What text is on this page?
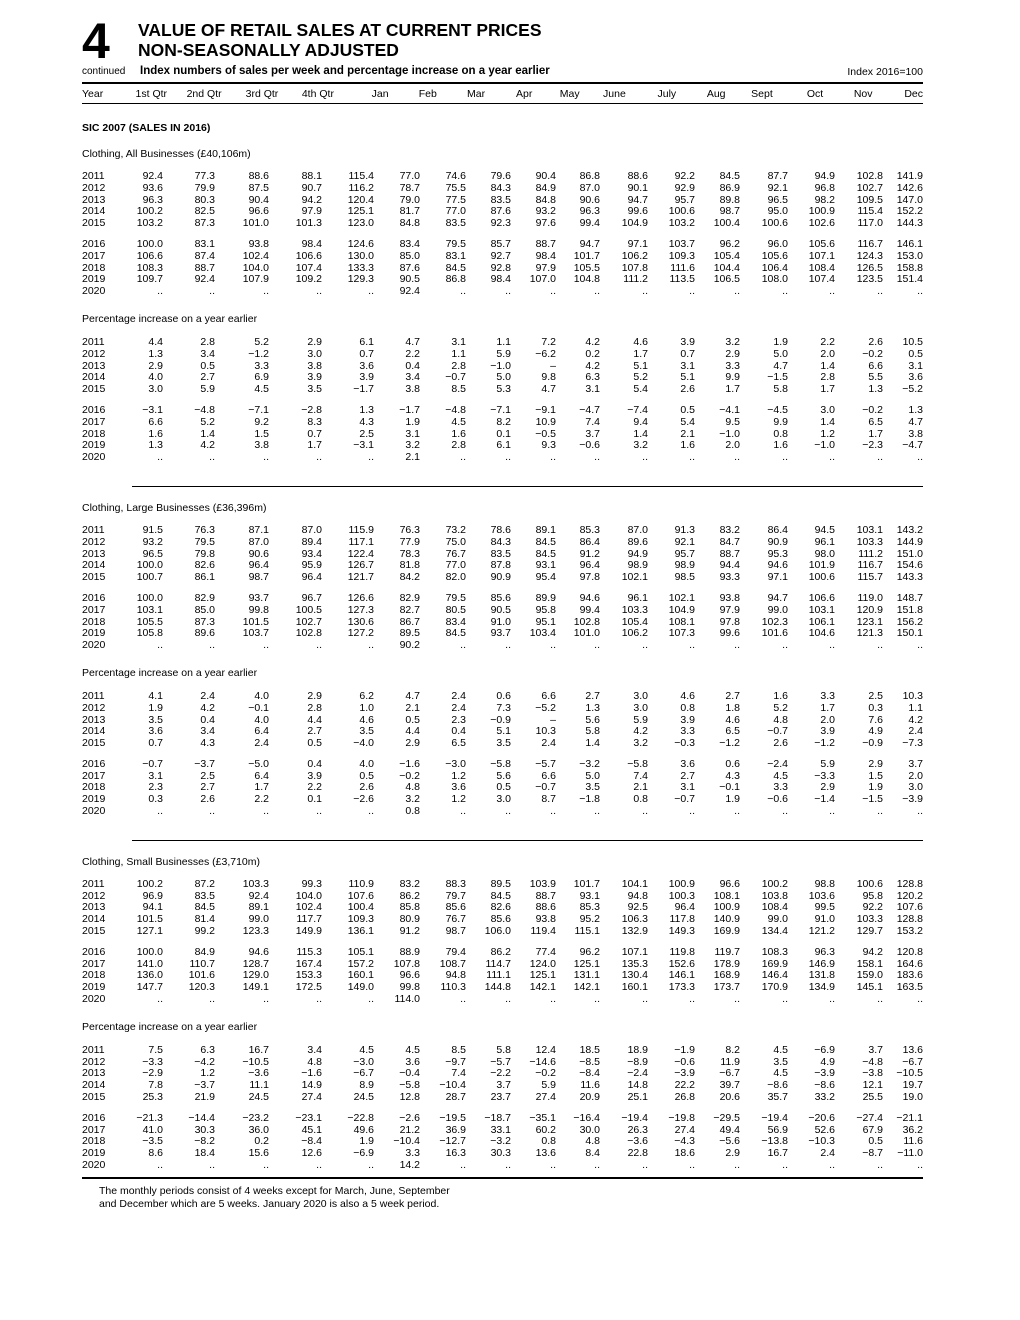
4 VALUE OF RETAIL SALES AT CURRENT PRICES
NON-SEASONALLY ADJUSTED
continued Index numbers of sales per week and percentage increase on a year earlier	Index 2016=100
Year	1st Qtr	2nd Qtr	3rd Qtr	4th Qtr	Jan	Feb	Mar	Apr	May	June	July	Aug	Sept	Oct	Nov	Dec
SIC 2007 (SALES IN 2016)
Clothing, All Businesses (£40,106m)
2011	92.4	77.3	88.6	88.1	115.4	77.0	74.6	79.6	90.4	86.8	88.6	92.2	84.5	87.7	94.9	102.8	141.9
2012	93.6	79.9	87.5	90.7	116.2	78.7	75.5	84.3	84.9	87.0	90.1	92.9	86.9	92.1	96.8	102.7	142.6
2013	96.3	80.3	90.4	94.2	120.4	79.0	77.5	83.5	84.8	90.6	94.7	95.7	89.8	96.5	98.2	109.5	147.0
2014	100.2	82.5	96.6	97.9	125.1	81.7	77.0	87.6	93.2	96.3	99.6	100.6	98.7	95.0	100.9	115.4	152.2
2015	103.2	87.3	101.0	101.3	123.0	84.8	83.5	92.3	97.6	99.4	104.9	103.2	100.4	100.6	102.6	117.0	144.3

2016	100.0	83.1	93.8	98.4	124.6	83.4	79.5	85.7	88.7	94.7	97.1	103.7	96.2	96.0	105.6	116.7	146.1
2017	106.6	87.4	102.4	106.6	130.0	85.0	83.1	92.7	98.4	101.7	106.2	109.3	105.4	105.6	107.1	124.3	153.0
2018	108.3	88.7	104.0	107.4	133.3	87.6	84.5	92.8	97.9	105.5	107.8	111.6	104.4	106.4	108.4	126.5	158.8
2019	109.7	92.4	107.9	109.2	129.3	90.5	86.8	98.4	107.0	104.8	111.2	113.5	106.5	108.0	107.4	123.5	151.4
2020	..	..	..	..	..	92.4	..	..	..	..	..	..	..	..	..	..	..
Percentage increase on a year earlier
2011	4.4	2.8	5.2	2.9	6.1	4.7	3.1	1.1	7.2	4.2	4.6	3.9	3.2	1.9	2.2	2.6	10.5
2012	1.3	3.4	−1.2	3.0	0.7	2.2	1.1	5.9	−6.2	0.2	1.7	0.7	2.9	5.0	2.0	−0.2	0.5
2013	2.9	0.5	3.3	3.8	3.6	0.4	2.8	−1.0	–	4.2	5.1	3.1	3.3	4.7	1.4	6.6	3.1
2014	4.0	2.7	6.9	3.9	3.9	3.4	−0.7	5.0	9.8	6.3	5.2	5.1	9.9	−1.5	2.8	5.5	3.6
2015	3.0	5.9	4.5	3.5	−1.7	3.8	8.5	5.3	4.7	3.1	5.4	2.6	1.7	5.8	1.7	1.3	−5.2

2016	−3.1	−4.8	−7.1	−2.8	1.3	−1.7	−4.8	−7.1	−9.1	−4.7	−7.4	0.5	−4.1	−4.5	3.0	−0.2	1.3
2017	6.6	5.2	9.2	8.3	4.3	1.9	4.5	8.2	10.9	7.4	9.4	5.4	9.5	9.9	1.4	6.5	4.7
2018	1.6	1.4	1.5	0.7	2.5	3.1	1.6	0.1	−0.5	3.7	1.4	2.1	−1.0	0.8	1.2	1.7	3.8
2019	1.3	4.2	3.8	1.7	−3.1	3.2	2.8	6.1	9.3	−0.6	3.2	1.6	2.0	1.6	−1.0	−2.3	−4.7
2020	..	..	..	..	..	2.1	..	..	..	..	..	..	..	..	..	..	..
Clothing, Large Businesses (£36,396m)
2011	91.5	76.3	87.1	87.0	115.9	76.3	73.2	78.6	89.1	85.3	87.0	91.3	83.2	86.4	94.5	103.1	143.2
2012	93.2	79.5	87.0	89.4	117.1	77.9	75.0	84.3	84.5	86.4	89.6	92.1	84.7	90.9	96.1	103.3	144.9
2013	96.5	79.8	90.6	93.4	122.4	78.3	76.7	83.5	84.5	91.2	94.9	95.7	88.7	95.3	98.0	111.2	151.0
2014	100.0	82.6	96.4	95.9	126.7	81.8	77.0	87.8	93.1	96.4	98.9	98.9	94.4	94.6	101.9	116.7	154.6
2015	100.7	86.1	98.7	96.4	121.7	84.2	82.0	90.9	95.4	97.8	102.1	98.5	93.3	97.1	100.6	115.7	143.3

2016	100.0	82.9	93.7	96.7	126.6	82.9	79.5	85.6	89.9	94.6	96.1	102.1	93.8	94.7	106.6	119.0	148.7
2017	103.1	85.0	99.8	100.5	127.3	82.7	80.5	90.5	95.8	99.4	103.3	104.9	97.9	99.0	103.1	120.9	151.8
2018	105.5	87.3	101.5	102.7	130.6	86.7	83.4	91.0	95.1	102.8	105.4	108.1	97.8	102.3	106.1	123.1	156.2
2019	105.8	89.6	103.7	102.8	127.2	89.5	84.5	93.7	103.4	101.0	106.2	107.3	99.6	101.6	104.6	121.3	150.1
2020	..	..	..	..	..	90.2	..	..	..	..	..	..	..	..	..	..	..
Percentage increase on a year earlier
2011	4.1	2.4	4.0	2.9	6.2	4.7	2.4	0.6	6.6	2.7	3.0	4.6	2.7	1.6	3.3	2.5	10.3
2012	1.9	4.2	−0.1	2.8	1.0	2.1	2.4	7.3	−5.2	1.3	3.0	0.8	1.8	5.2	1.7	0.3	1.1
2013	3.5	0.4	4.0	4.4	4.6	0.5	2.3	−0.9	–	5.6	5.9	3.9	4.6	4.8	2.0	7.6	4.2
2014	3.6	3.4	6.4	2.7	3.5	4.4	0.4	5.1	10.3	5.8	4.2	3.3	6.5	−0.7	3.9	4.9	2.4
2015	0.7	4.3	2.4	0.5	−4.0	2.9	6.5	3.5	2.4	1.4	3.2	−0.3	−1.2	2.6	−1.2	−0.9	−7.3

2016	−0.7	−3.7	−5.0	0.4	4.0	−1.6	−3.0	−5.8	−5.7	−3.2	−5.8	3.6	0.6	−2.4	5.9	2.9	3.7
2017	3.1	2.5	6.4	3.9	0.5	−0.2	1.2	5.6	6.6	5.0	7.4	2.7	4.3	4.5	−3.3	1.5	2.0
2018	2.3	2.7	1.7	2.2	2.6	4.8	3.6	0.5	−0.7	3.5	2.1	3.1	−0.1	3.3	2.9	1.9	3.0
2019	0.3	2.6	2.2	0.1	−2.6	3.2	1.2	3.0	8.7	−1.8	0.8	−0.7	1.9	−0.6	−1.4	−1.5	−3.9
2020	..	..	..	..	..	0.8	..	..	..	..	..	..	..	..	..	..	..
Clothing, Small Businesses (£3,710m)
2011	100.2	87.2	103.3	99.3	110.9	83.2	88.3	89.5	103.9	101.7	104.1	100.9	96.6	100.2	98.8	100.6	128.8
2012	96.9	83.5	92.4	104.0	107.6	86.2	79.7	84.5	88.7	93.1	94.8	100.3	108.1	103.8	103.6	95.8	120.2
2013	94.1	84.5	89.1	102.4	100.4	85.8	85.6	82.6	88.6	85.3	92.5	96.4	100.9	108.4	99.5	92.2	107.6
2014	101.5	81.4	99.0	117.7	109.3	80.9	76.7	85.6	93.8	95.2	106.3	117.8	140.9	99.0	91.0	103.3	128.8
2015	127.1	99.2	123.3	149.9	136.1	91.2	98.7	106.0	119.4	115.1	132.9	149.3	169.9	134.4	121.2	129.7	153.2

2016	100.0	84.9	94.6	115.3	105.1	88.9	79.4	86.2	77.4	96.2	107.1	119.8	119.7	108.3	96.3	94.2	120.8
2017	141.0	110.7	128.7	167.4	157.2	107.8	108.7	114.7	124.0	125.1	135.3	152.6	178.9	169.9	146.9	158.1	164.6
2018	136.0	101.6	129.0	153.3	160.1	96.6	94.8	111.1	125.1	131.1	130.4	146.1	168.9	146.4	131.8	159.0	183.6
2019	147.7	120.3	149.1	172.5	149.0	99.8	110.3	144.8	142.1	142.1	160.1	173.3	173.7	170.9	134.9	145.1	163.5
2020	..	..	..	..	..	114.0	..	..	..	..	..	..	..	..	..	..	..
Percentage increase on a year earlier
2011	7.5	6.3	16.7	3.4	4.5	4.5	8.5	5.8	12.4	18.5	18.9	−1.9	8.2	4.5	−6.9	3.7	13.6
2012	−3.3	−4.2	−10.5	4.8	−3.0	3.6	−9.7	−5.7	−14.6	−8.5	−8.9	−0.6	11.9	3.5	4.9	−4.8	−6.7
2013	−2.9	1.2	−3.6	−1.6	−6.7	−0.4	7.4	−2.2	−0.2	−8.4	−2.4	−3.9	−6.7	4.5	−3.9	−3.8	−10.5
2014	7.8	−3.7	11.1	14.9	8.9	−5.8	−10.4	3.7	5.9	11.6	14.8	22.2	39.7	−8.6	−8.6	12.1	19.7
2015	25.3	21.9	24.5	27.4	24.5	12.8	28.7	23.7	27.4	20.9	25.1	26.8	20.6	35.7	33.2	25.5	19.0

2016	−21.3	−14.4	−23.2	−23.1	−22.8	−2.6	−19.5	−18.7	−35.1	−16.4	−19.4	−19.8	−29.5	−19.4	−20.6	−27.4	−21.1
2017	41.0	30.3	36.0	45.1	49.6	21.2	36.9	33.1	60.2	30.0	26.3	27.4	49.4	56.9	52.6	67.9	36.2
2018	−3.5	−8.2	0.2	−8.4	1.9	−10.4	−12.7	−3.2	0.8	4.8	−3.6	−4.3	−5.6	−13.8	−10.3	0.5	11.6
2019	8.6	18.4	15.6	12.6	−6.9	3.3	16.3	30.3	13.6	8.4	22.8	18.6	2.9	16.7	2.4	−8.7	−11.0
2020	..	..	..	..	..	14.2	..	..	..	..	..	..	..	..	..	..	..
The monthly periods consist of 4 weeks except for March, June, September
and December which are 5 weeks. January 2020 is also a 5 week period.
